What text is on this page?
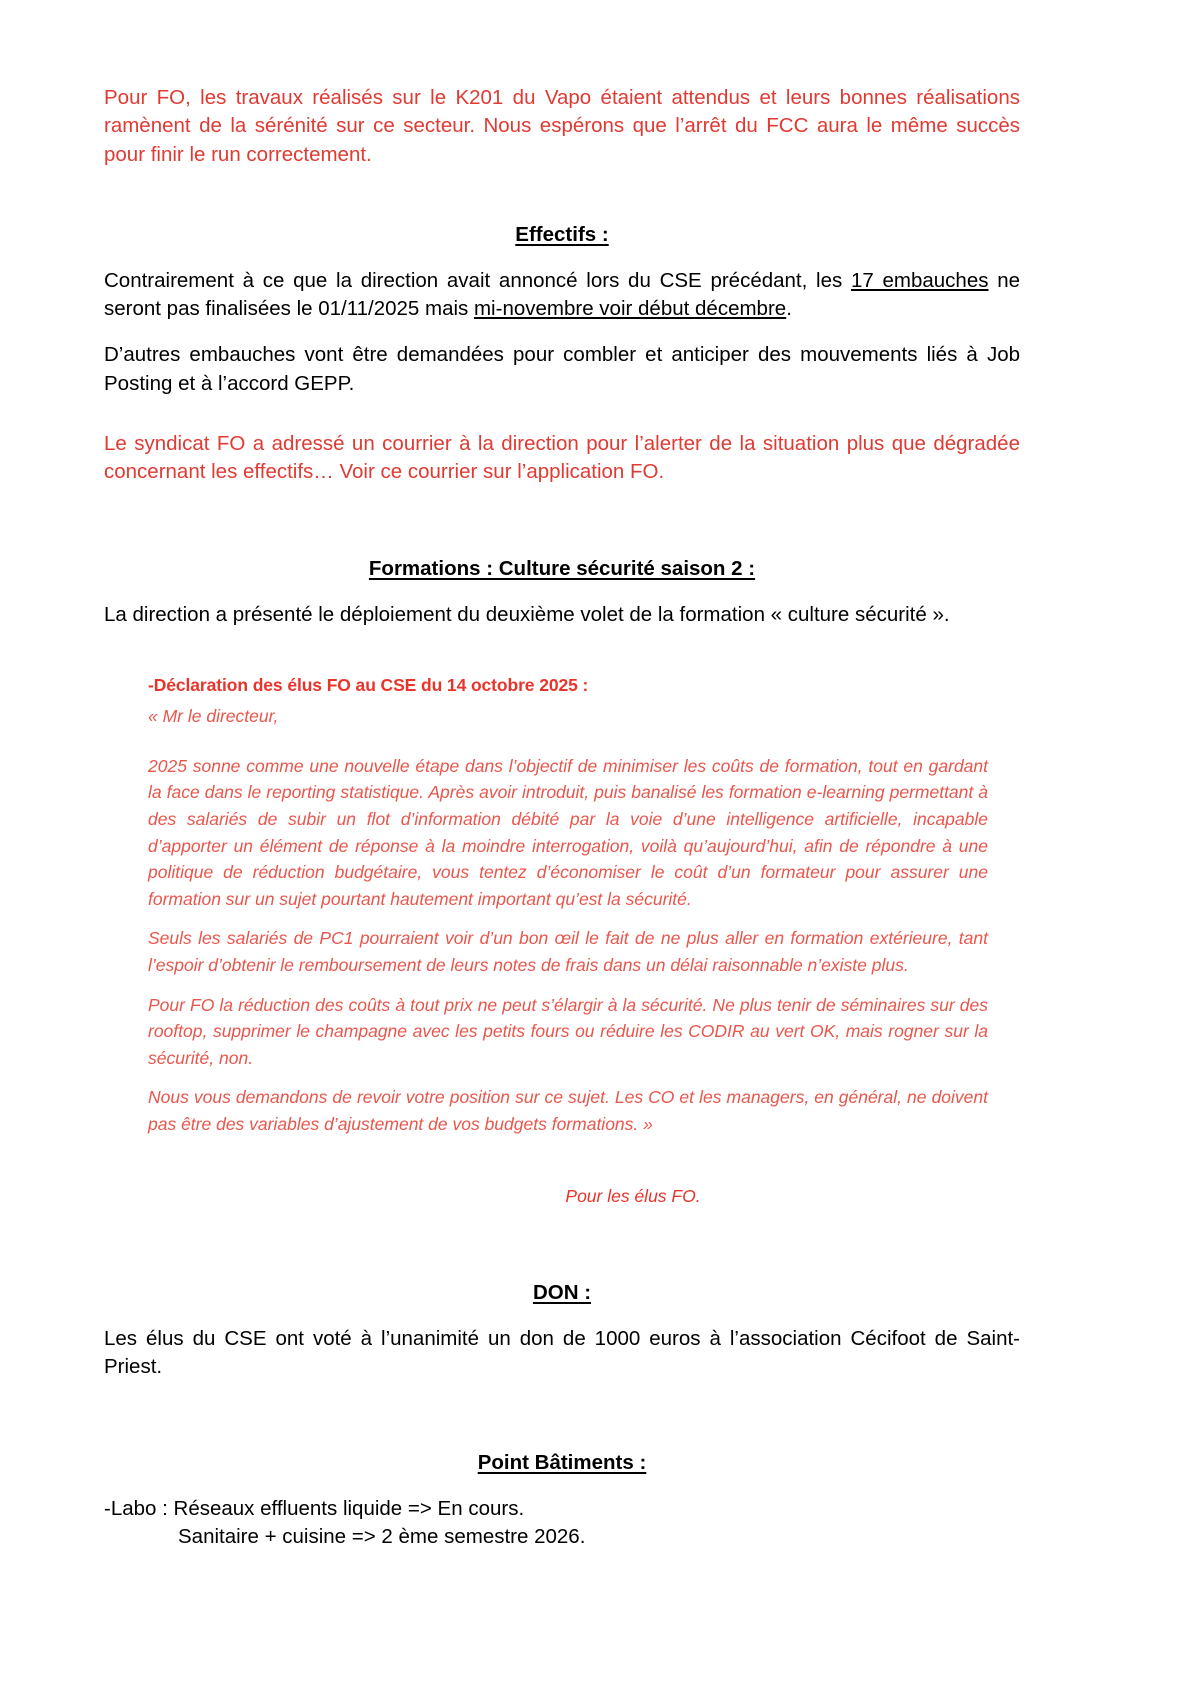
Pour FO, les travaux réalisés sur le K201 du Vapo étaient attendus et leurs bonnes réalisations ramènent de la sérénité sur ce secteur. Nous espérons que l’arrêt du FCC aura le même succès pour finir le run correctement.

Effectifs :

Contrairement à ce que la direction avait annoncé lors du CSE précédant, les 17 embauches ne seront pas finalisées le 01/11/2025 mais mi-novembre voir début décembre.

D’autres embauches vont être demandées pour combler et anticiper des mouvements liés à Job Posting et à l’accord GEPP.

Le syndicat FO a adressé un courrier à la direction pour l’alerter de la situation plus que dégradée concernant les effectifs… Voir ce courrier sur l’application FO.

Formations : Culture sécurité saison 2 :

La direction a présenté le déploiement du deuxième volet de la formation « culture sécurité ».

-Déclaration des élus FO au CSE du 14 octobre 2025 :

« Mr le directeur,

2025 sonne comme une nouvelle étape dans l’objectif de minimiser les coûts de formation, tout en gardant la face dans le reporting statistique. Après avoir introduit, puis banalisé les formation e-learning permettant à des salariés de subir un flot d’information débité par la voie d’une intelligence artificielle, incapable d’apporter un élément de réponse à la moindre interrogation, voilà qu’aujourd’hui, afin de répondre à une politique de réduction budgétaire, vous tentez d’économiser le coût d’un formateur pour assurer une formation sur un sujet pourtant hautement important qu’est la sécurité.

Seuls les salariés de PC1 pourraient voir d’un bon œil le fait de ne plus aller en formation extérieure, tant l’espoir d’obtenir le remboursement de leurs notes de frais dans un délai raisonnable n’existe plus.

Pour FO la réduction des coûts à tout prix ne peut s’élargir à la sécurité. Ne plus tenir de séminaires sur des rooftop, supprimer le champagne avec les petits fours ou réduire les CODIR au vert OK, mais rogner sur la sécurité, non.

Nous vous demandons de revoir votre position sur ce sujet. Les CO et les managers, en général, ne doivent pas être des variables d’ajustement de vos budgets formations. »

Pour les élus FO.

DON :

Les élus du CSE ont voté à l’unanimité un don de 1000 euros à l’association Cécifoot de Saint-Priest.

Point Bâtiments :

-Labo : Réseaux effluents liquide => En cours.

Sanitaire + cuisine => 2 ème semestre 2026.
